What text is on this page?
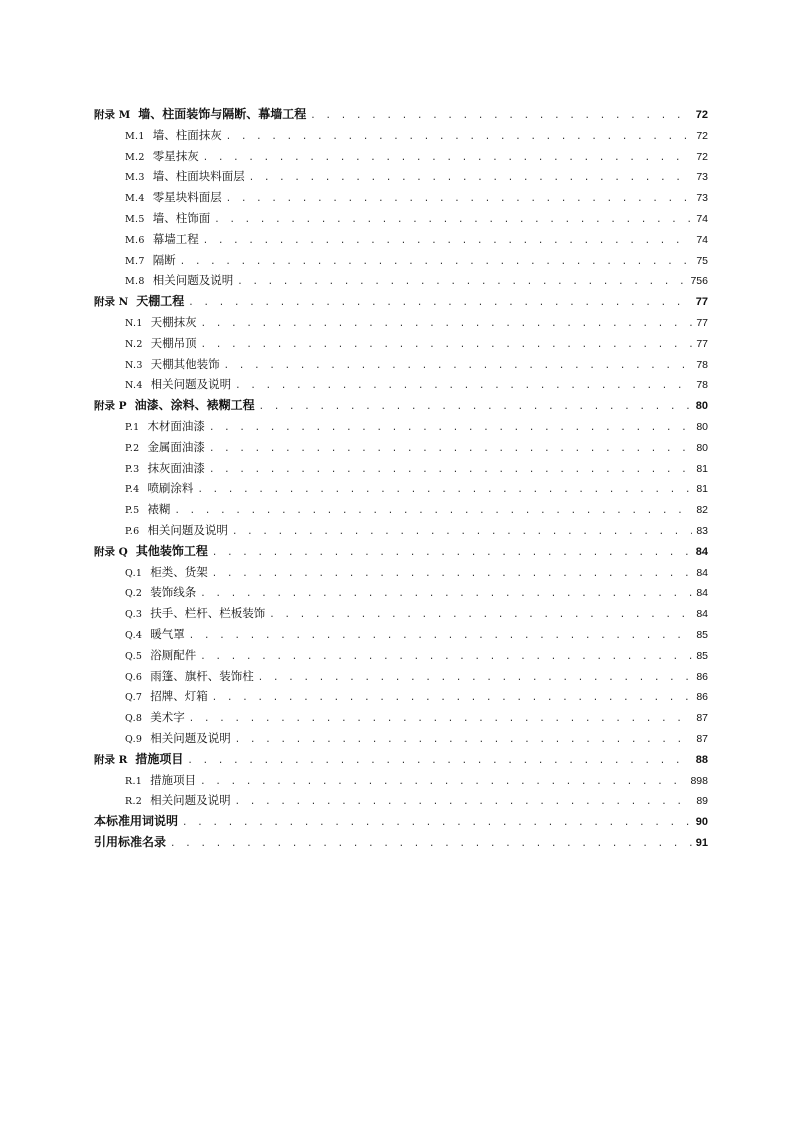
附录 M 墙、柱面装饰与隔断、幕墙工程 . . .	72
M.1 墙、柱面抹灰 . . .	72
M.2 零星抹灰 . . .	72
M.3 墙、柱面块料面层 . . .	73
M.4 零星块料面层 . . .	73
M.5 墙、柱饰面 . . .	74
M.6 幕墙工程 . . .	74
M.7 隔断 . . .	75
M.8 相关问题及说明 . . .	756
附录 N 天棚工程 . . .	77
N.1 天棚抹灰 . . .	77
N.2 天棚吊顶 . . .	77
N.3 天棚其他装饰 . . .	78
N.4 相关问题及说明 . . .	78
附录 P 油漆、涂料、裱糊工程 . . .	80
P.1 木材面油漆 . . .	80
P.2 金属面油漆 . . .	80
P.3 抹灰面油漆 . . .	81
P.4 喷刷涂料 . . .	81
P.5 裱糊 . . .	82
P.6 相关问题及说明 . . .	83
附录 Q 其他装饰工程 . . .	84
Q.1 柜类、货架 . . .	84
Q.2 装饰线条 . . .	84
Q.3 扶手、栏杆、栏板装饰 . . .	84
Q.4 暖气罩 . . .	85
Q.5 浴厕配件 . . .	85
Q.6 雨篷、旗杆、装饰柱 . . .	86
Q.7 招牌、灯箱 . . .	86
Q.8 美术字 . . .	87
Q.9 相关问题及说明 . . .	87
附录 R 措施项目 . . .	88
R.1 措施项目 . . .	898
R.2 相关问题及说明 . . .	89
本标准用词说明 . . .	90
引用标准名录 . . .	91
